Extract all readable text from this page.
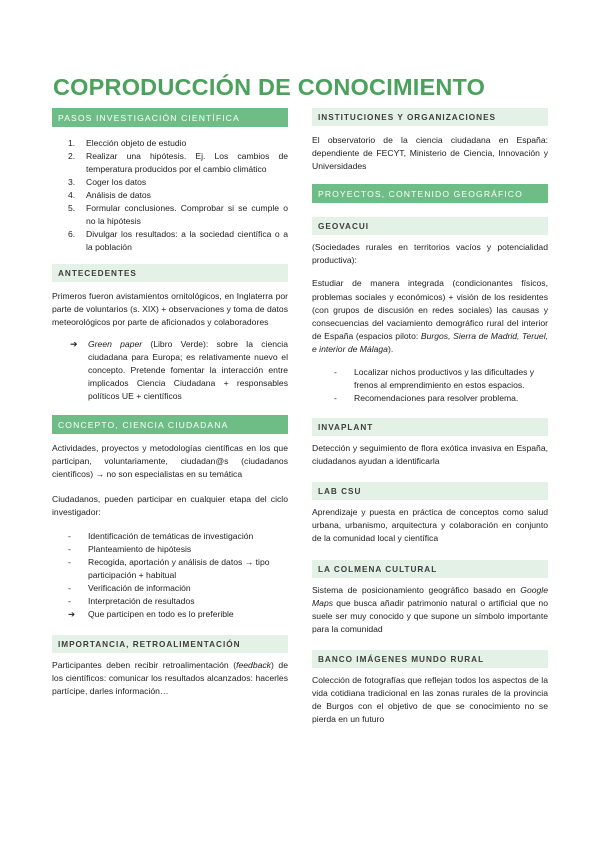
COPRODUCCIÓN DE CONOCIMIENTO
PASOS INVESTIGACIÓN CIENTÍFICA
1.	Elección objeto de estudio
2.	Realizar una hipótesis. Ej. Los cambios de temperatura producidos por el cambio climático
3.	Coger los datos
4.	Análisis de datos
5.	Formular conclusiones. Comprobar si se cumple o no la hipótesis
6.	Divulgar los resultados: a la sociedad científica o a la población
ANTECEDENTES

Primeros fueron avistamientos ornitológicos, en Inglaterra por parte de voluntarios (s. XIX) + observaciones y toma de datos meteorológicos por parte de aficionados y colaboradores

➔	Green paper (Libro Verde): sobre la ciencia ciudadana para Europa; es relativamente nuevo el concepto. Pretende fomentar la interacción entre implicados Ciencia Ciudadana + responsables políticos UE + científicos
CONCEPTO, CIENCIA CIUDADANA

Actividades, proyectos y metodologías científicas en los que participan, voluntariamente, ciudadan@s (ciudadanos científicos) → no son especialistas en su temática

Ciudadanos, pueden participar en cualquier etapa del ciclo investigador:

-	Identificación de temáticas de investigación
-	Planteamiento de hipótesis
-	Recogida, aportación y análisis de datos → tipo participación + habitual
-	Verificación de información
-	Interpretación de resultados
➔	Que participen en todo es lo preferible
IMPORTANCIA, RETROALIMENTACIÓN

Participantes deben recibir retroalimentación (feedback) de los científicos: comunicar los resultados alcanzados: hacerles partícipe, darles información…

INSTITUCIONES Y ORGANIZACIONES

El observatorio de la ciencia ciudadana en España: dependiente de FECYT, Ministerio de Ciencia, Innovación y Universidades

PROYECTOS, CONTENIDO GEOGRÁFICO
GEOVACUI

(Sociedades rurales en territorios vacíos y potencialidad productiva):

Estudiar de manera integrada (condicionantes físicos, problemas sociales y económicos) + visión de los residentes (con grupos de discusión en redes sociales) las causas y consecuencias del vaciamiento demográfico rural del interior de España (espacios piloto: Burgos, Sierra de Madrid, Teruel, e interior de Málaga).

-	Localizar nichos productivos y las dificultades y frenos al emprendimiento en estos espacios.
-	Recomendaciones para resolver problema.
INVAPLANT

Detección y seguimiento de flora exótica invasiva en España, ciudadanos ayudan a identificarla

LAB CSU

Aprendizaje y puesta en práctica de conceptos como salud urbana, urbanismo, arquitectura y colaboración en conjunto de la comunidad local y científica

LA COLMENA CULTURAL

Sistema de posicionamiento geográfico basado en Google Maps que busca añadir patrimonio natural o artificial que no suele ser muy conocido y que supone un símbolo importante para la comunidad

BANCO IMÁGENES MUNDO RURAL

Colección de fotografías que reflejan todos los aspectos de la vida cotidiana tradicional en las zonas rurales de la provincia de Burgos con el objetivo de que se conocimiento no se pierda en un futuro
